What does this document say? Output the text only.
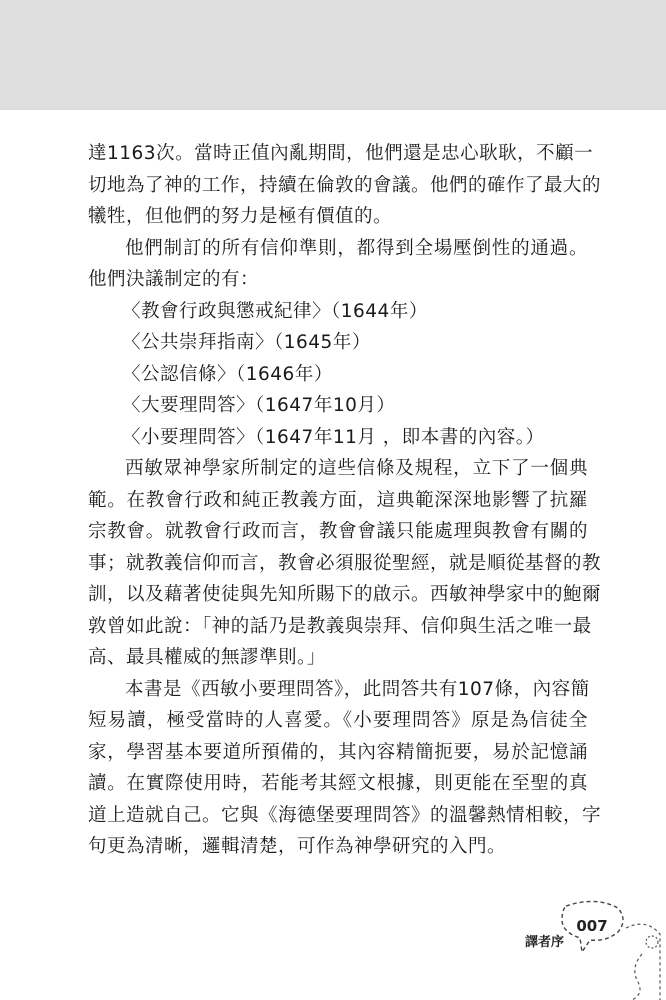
達1163次。當時正值內亂期間，他們還是忠心耿耿，不顧一

切地為了神的工作，持續在倫敦的會議。他們的確作了最大的

犧牲，但他們的努力是極有價值的。

他們制訂的所有信仰準則，都得到全場壓倒性的通過。

他們決議制定的有：

〈教會行政與懲戒紀律〉（1644年）

〈公共崇拜指南〉（1645年）

〈公認信條〉（1646年）

〈大要理問答〉（1647年10月）

〈小要理問答〉（1647年11月 ，即本書的內容。）

西敏眾神學家所制定的這些信條及規程，立下了一個典

範。在教會行政和純正教義方面，這典範深深地影響了抗羅

宗教會。就教會行政而言，教會會議只能處理與教會有關的

事；就教義信仰而言，教會必須服從聖經，就是順從基督的教

訓，以及藉著使徒與先知所賜下的啟示。西敏神學家中的鮑爾

敦曾如此說：「神的話乃是教義與崇拜、信仰與生活之唯一最

高、最具權威的無謬準則。」

本書是《西敏小要理問答》，此問答共有107條，內容簡

短易讀，極受當時的人喜愛。《小要理問答》原是為信徒全

家，學習基本要道所預備的，其內容精簡扼要，易於記憶誦

讀。在實際使用時，若能考其經文根據，則更能在至聖的真

道上造就自己。它與《海德堡要理問答》的溫馨熱情相較，字

句更為清晰，邏輯清楚，可作為神學研究的入門。

007
譯者序
